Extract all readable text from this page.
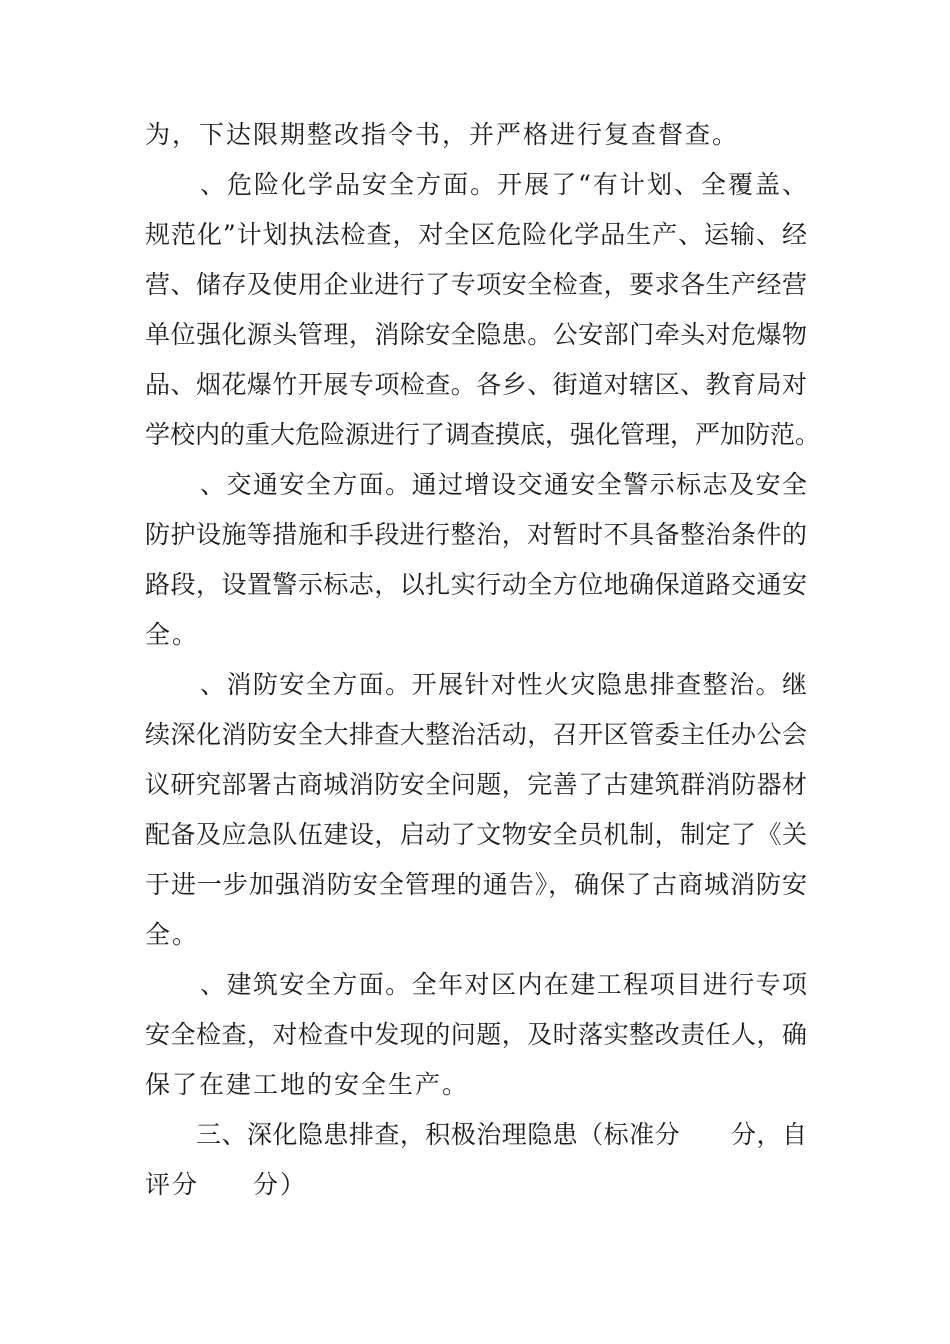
为，下达限期整改指令书，并严格进行复查督查。
、危险化学品安全方面。开展了“有计划、全覆盖、
规范化”计划执法检查，对全区危险化学品生产、运输、经
营、储存及使用企业进行了专项安全检查，要求各生产经营
单位强化源头管理，消除安全隐患。公安部门牵头对危爆物
品、烟花爆竹开展专项检查。各乡、街道对辖区、教育局对
学校内的重大危险源进行了调查摸底，强化管理，严加防范。
、交通安全方面。通过增设交通安全警示标志及安全
防护设施等措施和手段进行整治，对暂时不具备整治条件的
路段，设置警示标志，以扎实行动全方位地确保道路交通安
全。
、消防安全方面。开展针对性火灾隐患排查整治。继
续深化消防安全大排查大整治活动，召开区管委主任办公会
议研究部署古商城消防安全问题，完善了古建筑群消防器材
配备及应急队伍建设，启动了文物安全员机制，制定了《关
于进一步加强消防安全管理的通告》，确保了古商城消防安
全。
、建筑安全方面。全年对区内在建工程项目进行专项
安全检查，对检查中发现的问题，及时落实整改责任人，确
保了在建工地的安全生产。
三、深化隐患排查，积极治理隐患（标准分　　分，自
评分　　分）
